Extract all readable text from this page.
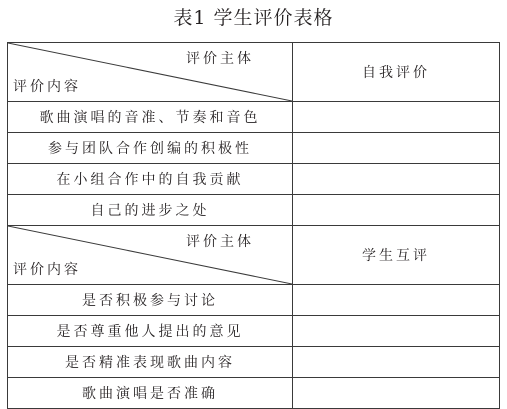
表1 学生评价表格
评价主体
评价内容	自我评价
歌曲演唱的音准、节奏和音色	
参与团队合作创编的积极性	
在小组合作中的自我贡献	
自己的进步之处	

评价主体
评价内容	学生互评
是否积极参与讨论	
是否尊重他人提出的意见	
是否精准表现歌曲内容	
歌曲演唱是否准确	
